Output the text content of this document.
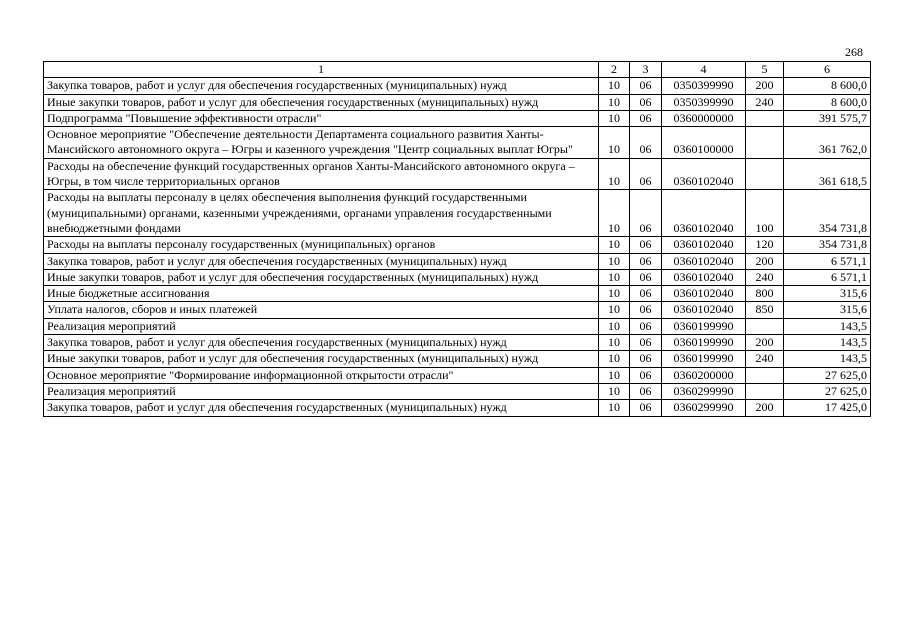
268
1	2	3	4	5	6
Закупка товаров, работ и услуг для обеспечения государственных (муниципальных) нужд	10	06	0350399990	200	8 600,0
Иные закупки товаров, работ и услуг для обеспечения государственных (муниципальных) нужд	10	06	0350399990	240	8 600,0
Подпрограмма "Повышение эффективности отрасли"	10	06	0360000000		391 575,7
Основное мероприятие "Обеспечение деятельности Департамента социального развития Ханты-Мансийского автономного округа – Югры и казенного учреждения "Центр социальных выплат Югры"	10	06	0360100000		361 762,0
Расходы на обеспечение функций государственных органов Ханты-Мансийского автономного округа – Югры, в том числе территориальных органов	10	06	0360102040		361 618,5
Расходы на выплаты персоналу в целях обеспечения выполнения функций государственными (муниципальными) органами, казенными учреждениями, органами управления государственными внебюджетными фондами	10	06	0360102040	100	354 731,8
Расходы на выплаты персоналу государственных (муниципальных) органов	10	06	0360102040	120	354 731,8
Закупка товаров, работ и услуг для обеспечения государственных (муниципальных) нужд	10	06	0360102040	200	6 571,1
Иные закупки товаров, работ и услуг для обеспечения государственных (муниципальных) нужд	10	06	0360102040	240	6 571,1
Иные бюджетные ассигнования	10	06	0360102040	800	315,6
Уплата налогов, сборов и иных платежей	10	06	0360102040	850	315,6
Реализация мероприятий	10	06	0360199990		143,5
Закупка товаров, работ и услуг для обеспечения государственных (муниципальных) нужд	10	06	0360199990	200	143,5
Иные закупки товаров, работ и услуг для обеспечения государственных (муниципальных) нужд	10	06	0360199990	240	143,5
Основное мероприятие "Формирование информационной открытости отрасли"	10	06	0360200000		27 625,0
Реализация мероприятий	10	06	0360299990		27 625,0
Закупка товаров, работ и услуг для обеспечения государственных (муниципальных) нужд	10	06	0360299990	200	17 425,0
